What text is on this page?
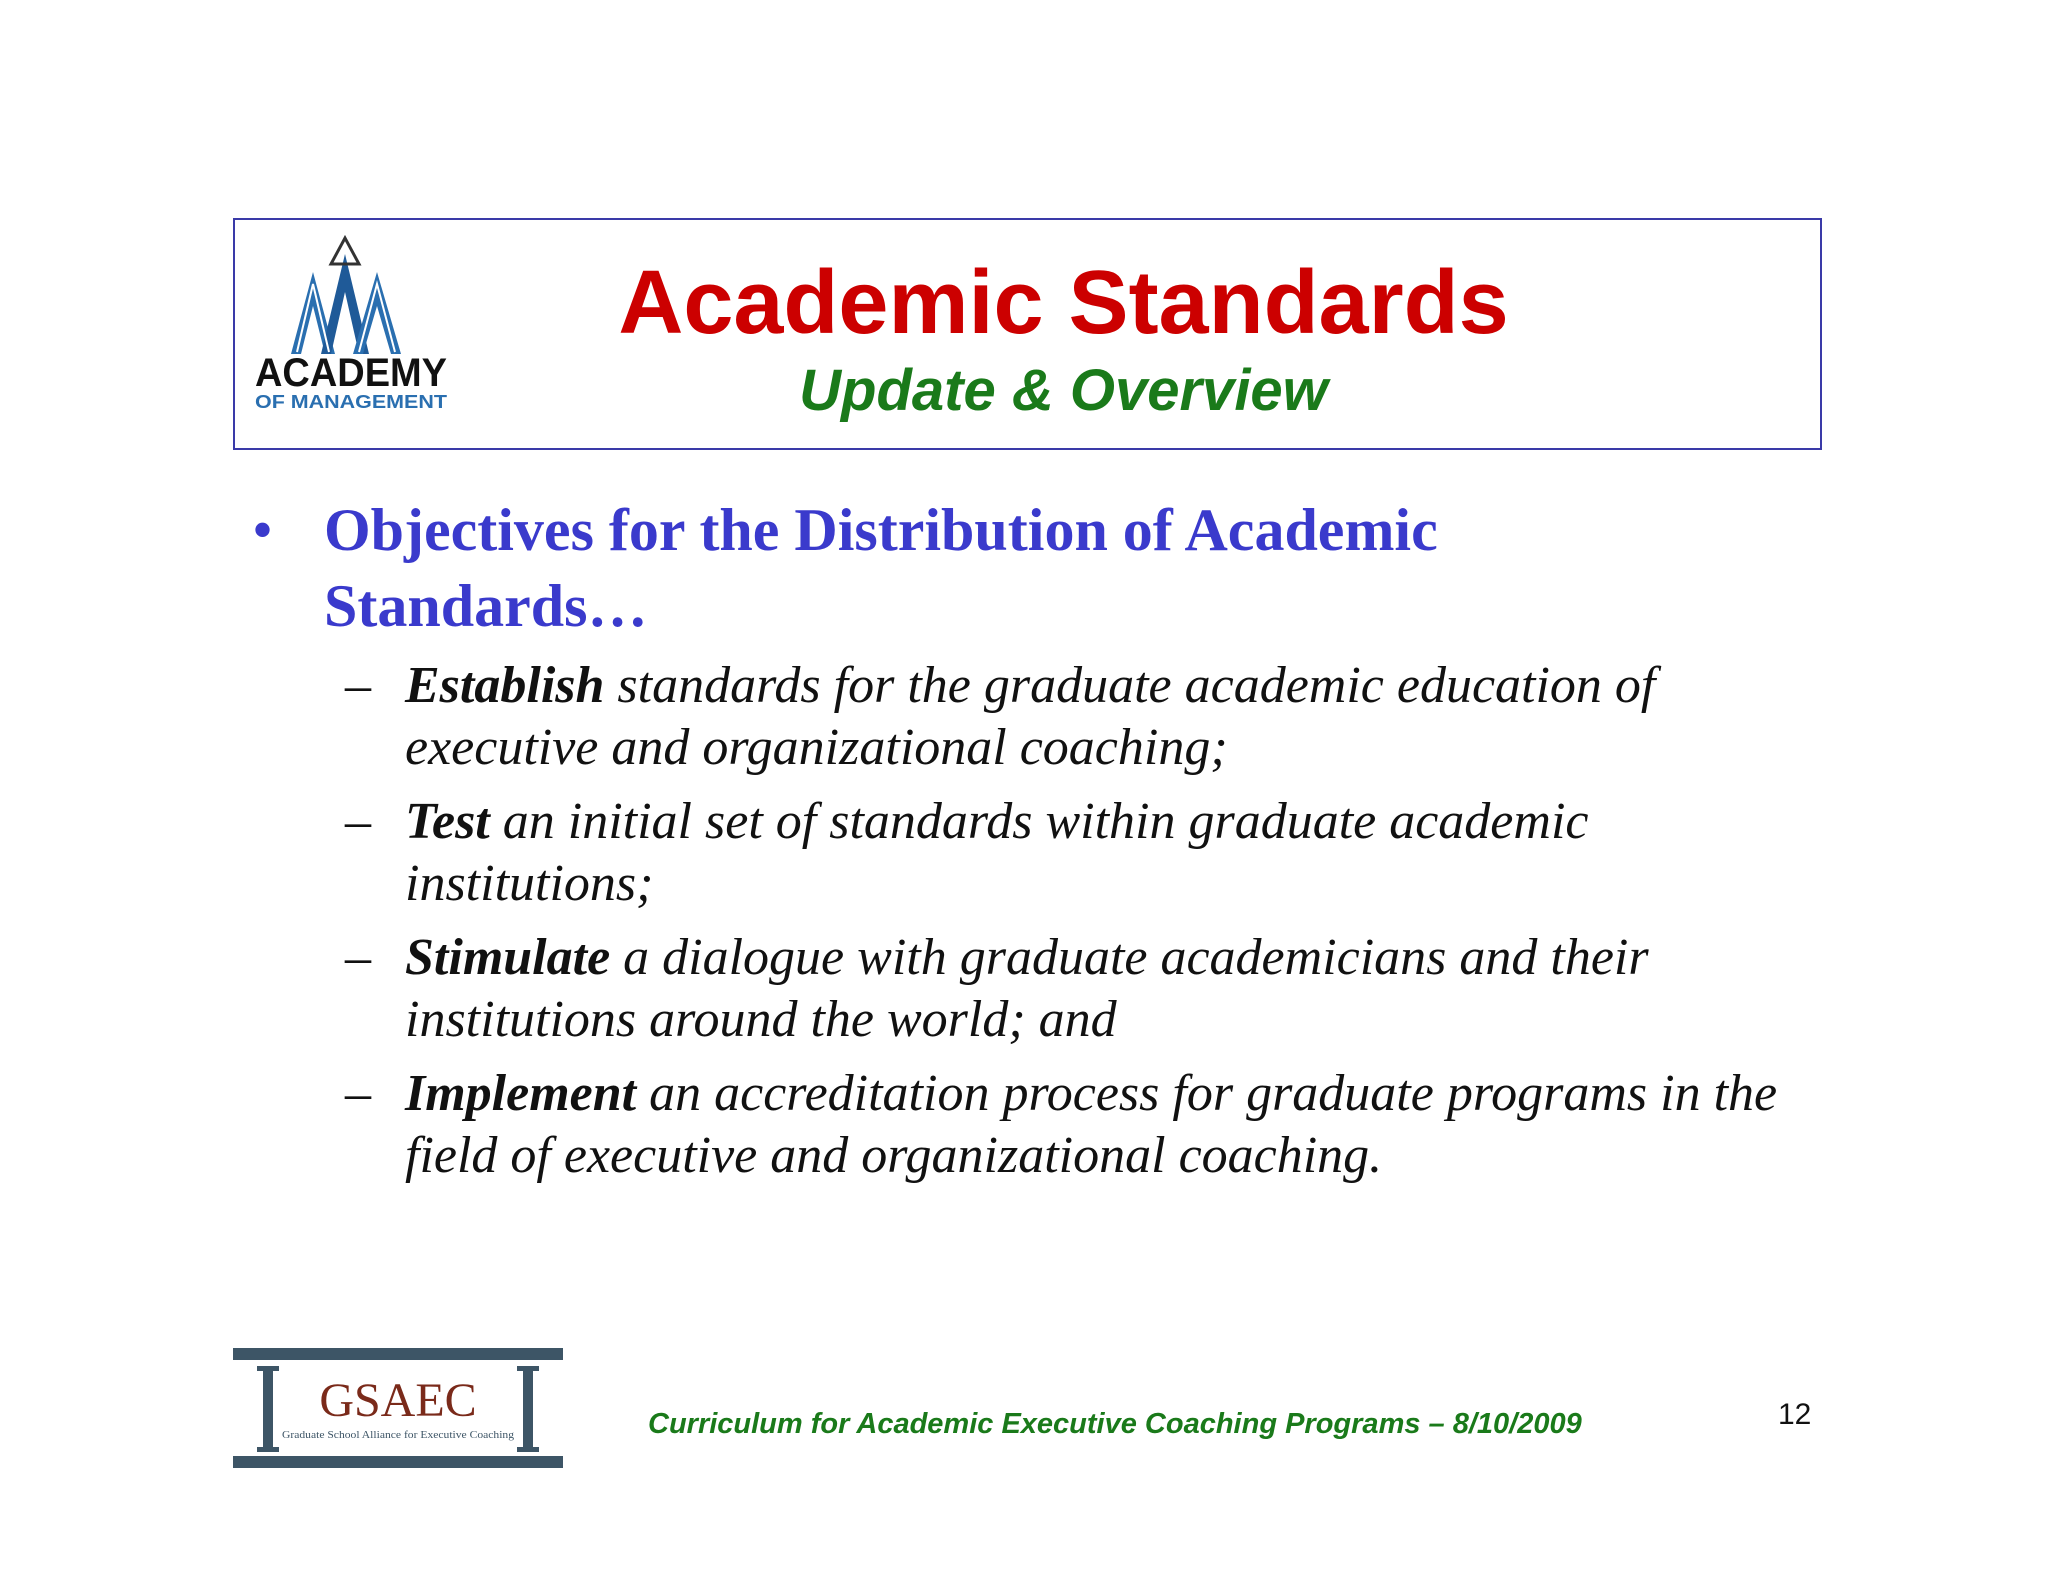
ACADEMY
OF MANAGEMENT
Academic Standards
Update & Overview
• Objectives for the Distribution of Academic Standards…

– Establish standards for the graduate academic education of executive and organizational coaching;
– Test an initial set of standards within graduate academic institutions;
– Stimulate a dialogue with graduate academicians and their institutions around the world; and
– Implement an accreditation process for graduate programs in the field of executive and organizational coaching.
GSAEC
Graduate School Alliance for Executive Coaching	Curriculum for Academic Executive Coaching Programs – 8/10/2009	12
